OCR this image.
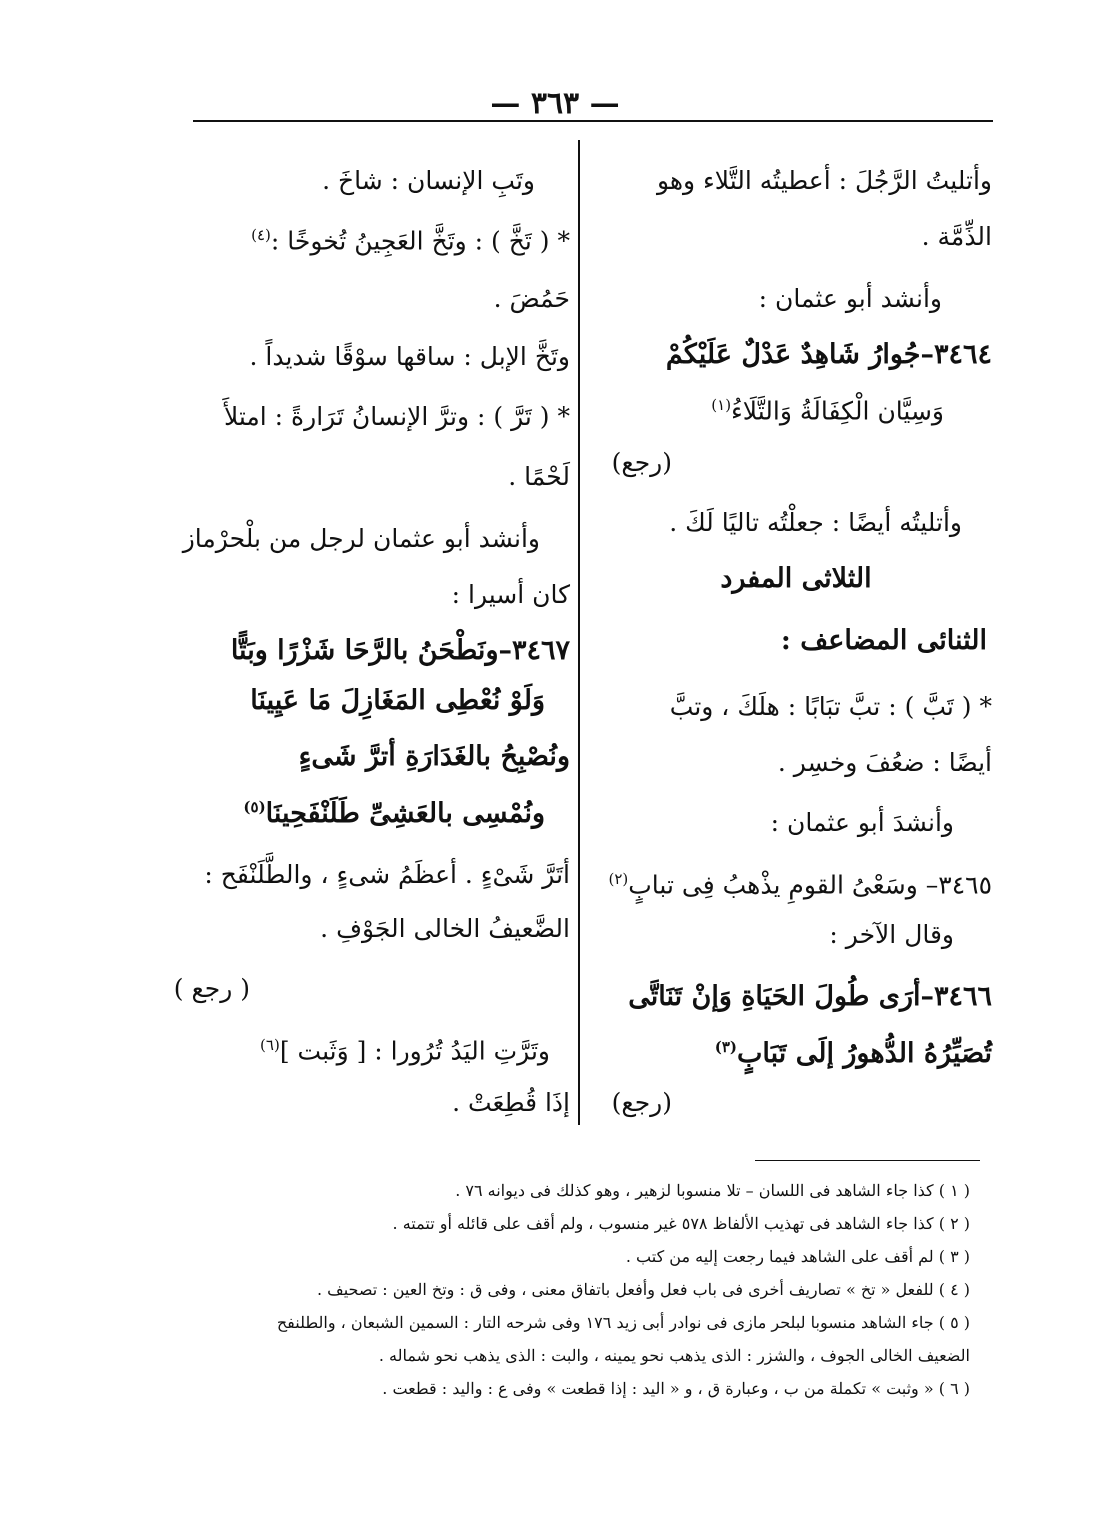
— ٣٦٣ —
وأتليتُ الرَّجُلَ : أعطيتُه التَّلاء وهو
الذِّمَّة .
وأنشد أبو عثمان :
٣٤٦٤–جُوارُ شَاهِدٌ عَدْلٌ عَلَيْكُمْ
وَسِيَّان الْكِفَالَةُ وَالتَّلَاءُ$^{(١)}$
(رجع)
وأتليتُه أيضًا : جعلْتُه تاليًا لَكَ .
الثلاثى المفرد
الثنائى المضاعف :
* ( تَبَّ ) : تبَّ تبَابًا : هلَكَ ، وتبَّ
أيضًا : ضعُفَ وخسِر .
وأنشدَ أبو عثمان :
٣٤٦٥– وسَعْىُ القومِ يذْهبُ فِى تبابٍ$^{(٢)}$
وقال الآخر :
٣٤٦٦–أرَى طُولَ الحَيَاةِ وَإنْ تَنَاتَّى
تُصَيِّرُهُ الدُّهورُ إلَى تَبَابٍ$^{(٣)}$
(رجع)
وتَبِ الإنسان : شاخَ .
* ( تَخَّ ) : وتَخَّ العَجِينُ تُخوخًا :$^{(٤)}$
حَمُضَ .
وتَخَّ الإبل : ساقها سوْقًا شديداً .
* ( تَرَّ ) : وترَّ الإنسانُ تَرَارةً : امتلأَ
لَحْمًا .
وأنشد أبو عثمان لرجل من بلْحرْماز
كان أسيرا :
٣٤٦٧–ونَطْحَنُ بالرَّحَا شَزْرًا وبَتًّا
وَلَوْ نُعْطِى المَغَازِلَ مَا عَيِينَا
ونُصْبِحُ بالغَدَارَةِ أترَّ شَىءٍ
ونُمْسِى بالعَشِىِّ طَلَنْفَحِينَا$^{(٥)}$
أتَرَّ شَىْءٍ . أعظَمُ شىءٍ ، والطَّلَنْفَح :
الضَّعيفُ الخالى الجَوْفِ .
( رجع )
وتَرَّتِ اليَدُ تُرُورا : [ وَثَبت ]$^{(٦)}$
إذَا قُطِعَتْ .
( ١ ) كذا جاء الشاهد فى اللسان – تلا منسوبا لزهير ، وهو كذلك فى ديوانه ٧٦ .
( ٢ ) كذا جاء الشاهد فى تهذيب الألفاظ ٥٧٨ غير منسوب ، ولم أقف على قائله أو تتمته .
( ٣ ) لم أقف على الشاهد فيما رجعت إليه من كتب .
( ٤ ) للفعل « تخ » تصاريف أخرى فى باب فعل وأفعل باتفاق معنى ، وفى ق : وتخ العين : تصحيف .
( ٥ ) جاء الشاهد منسوبا لبلحر مازى فى نوادر أبى زيد ١٧٦ وفى شرحه التار : السمين الشبعان ، والطلنفح
الضعيف الخالى الجوف ، والشزر : الذى يذهب نحو يمينه ، والبت : الذى يذهب نحو شماله .
( ٦ ) « وثبت » تكملة من ب ، وعبارة ق ، و « اليد : إذا قطعت » وفى ع : واليد : قطعت .
